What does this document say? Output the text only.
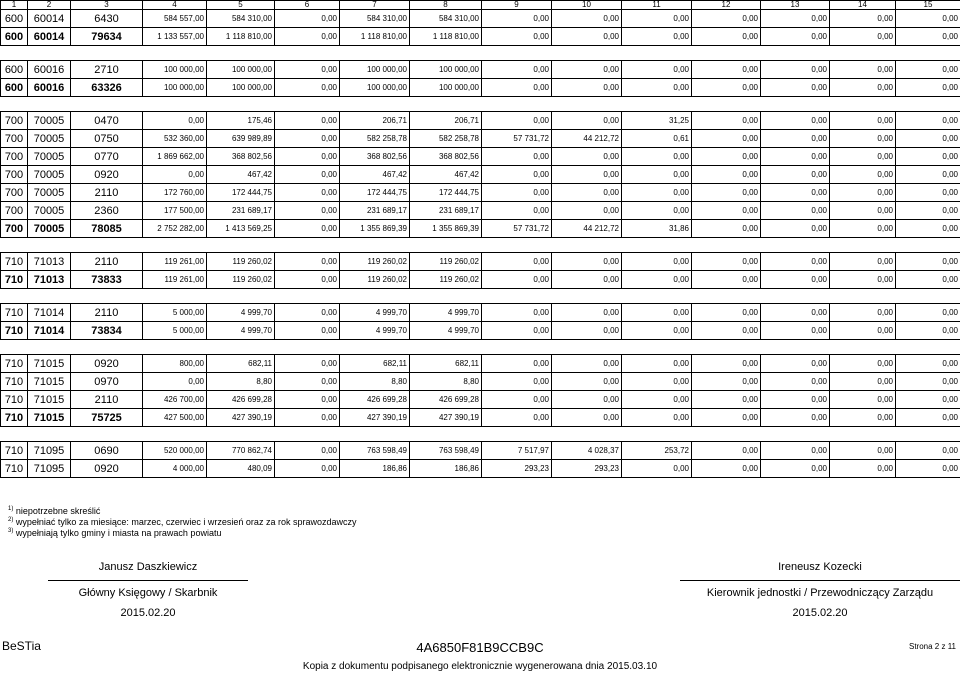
1	2	3	4	5	6	7	8	9	10	11	12	13	14	15
600	60014	6430	584 557,00	584 310,00	0,00	584 310,00	584 310,00	0,00	0,00	0,00	0,00	0,00	0,00	0,00
600	60014	79634	1 133 557,00	1 118 810,00	0,00	1 118 810,00	1 118 810,00	0,00	0,00	0,00	0,00	0,00	0,00	0,00

600	60016	2710	100 000,00	100 000,00	0,00	100 000,00	100 000,00	0,00	0,00	0,00	0,00	0,00	0,00	0,00
600	60016	63326	100 000,00	100 000,00	0,00	100 000,00	100 000,00	0,00	0,00	0,00	0,00	0,00	0,00	0,00

700	70005	0470	0,00	175,46	0,00	206,71	206,71	0,00	0,00	31,25	0,00	0,00	0,00	0,00
700	70005	0750	532 360,00	639 989,89	0,00	582 258,78	582 258,78	57 731,72	44 212,72	0,61	0,00	0,00	0,00	0,00
700	70005	0770	1 869 662,00	368 802,56	0,00	368 802,56	368 802,56	0,00	0,00	0,00	0,00	0,00	0,00	0,00
700	70005	0920	0,00	467,42	0,00	467,42	467,42	0,00	0,00	0,00	0,00	0,00	0,00	0,00
700	70005	2110	172 760,00	172 444,75	0,00	172 444,75	172 444,75	0,00	0,00	0,00	0,00	0,00	0,00	0,00
700	70005	2360	177 500,00	231 689,17	0,00	231 689,17	231 689,17	0,00	0,00	0,00	0,00	0,00	0,00	0,00
700	70005	78085	2 752 282,00	1 413 569,25	0,00	1 355 869,39	1 355 869,39	57 731,72	44 212,72	31,86	0,00	0,00	0,00	0,00

710	71013	2110	119 261,00	119 260,02	0,00	119 260,02	119 260,02	0,00	0,00	0,00	0,00	0,00	0,00	0,00
710	71013	73833	119 261,00	119 260,02	0,00	119 260,02	119 260,02	0,00	0,00	0,00	0,00	0,00	0,00	0,00

710	71014	2110	5 000,00	4 999,70	0,00	4 999,70	4 999,70	0,00	0,00	0,00	0,00	0,00	0,00	0,00
710	71014	73834	5 000,00	4 999,70	0,00	4 999,70	4 999,70	0,00	0,00	0,00	0,00	0,00	0,00	0,00

710	71015	0920	800,00	682,11	0,00	682,11	682,11	0,00	0,00	0,00	0,00	0,00	0,00	0,00
710	71015	0970	0,00	8,80	0,00	8,80	8,80	0,00	0,00	0,00	0,00	0,00	0,00	0,00
710	71015	2110	426 700,00	426 699,28	0,00	426 699,28	426 699,28	0,00	0,00	0,00	0,00	0,00	0,00	0,00
710	71015	75725	427 500,00	427 390,19	0,00	427 390,19	427 390,19	0,00	0,00	0,00	0,00	0,00	0,00	0,00

710	71095	0690	520 000,00	770 862,74	0,00	763 598,49	763 598,49	7 517,97	4 028,37	253,72	0,00	0,00	0,00	0,00
710	71095	0920	4 000,00	480,09	0,00	186,86	186,86	293,23	293,23	0,00	0,00	0,00	0,00	0,00
$^{1)}$ niepotrzebne skreślić
$^{2)}$ wypełniać tylko za miesiące: marzec, czerwiec i wrzesień oraz za rok sprawozdawczy
$^{3)}$ wypełniają tylko gminy i miasta na prawach powiatu
Janusz Daszkiewicz
Główny Księgowy / Skarbnik
2015.02.20
Ireneusz Kozecki
Kierownik jednostki / Przewodniczący Zarządu
2015.02.20
BeSTia	4A6850F81B9CCB9C	Strona 2 z 11
Kopia z dokumentu podpisanego elektronicznie wygenerowana dnia 2015.03.10
